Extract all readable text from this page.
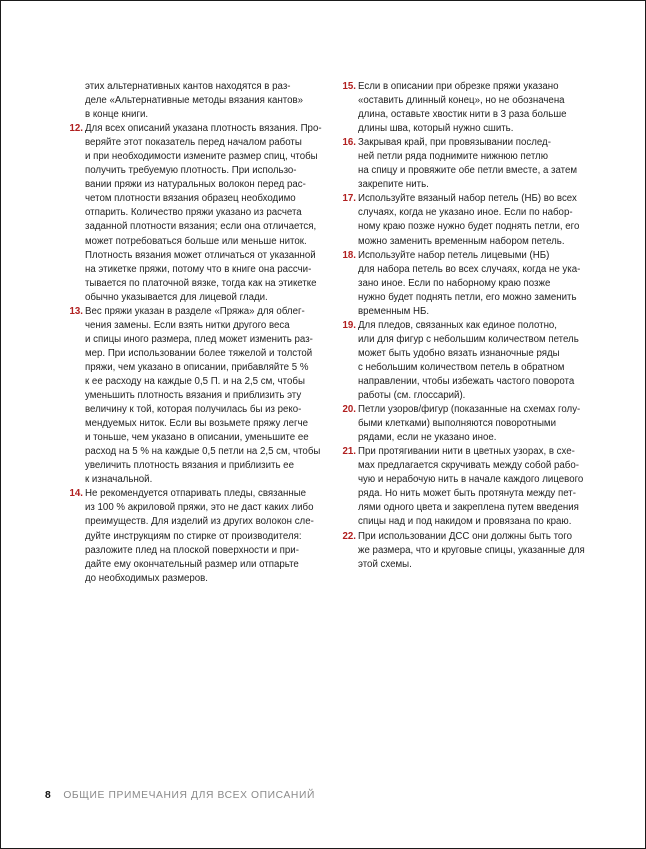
этих альтернативных кантов находятся в раз-
деле «Альтернативные методы вязания кантов»
в конце книги.
12. Для всех описаний указана плотность вязания. Про-
веряйте этот показатель перед началом работы
и при необходимости измените размер спиц, чтобы
получить требуемую плотность. При использо-
вании пряжи из натуральных волокон перед рас-
четом плотности вязания образец необходимо
отпарить. Количество пряжи указано из расчета
заданной плотности вязания; если она отличается,
может потребоваться больше или меньше ниток.
Плотность вязания может отличаться от указанной
на этикетке пряжи, потому что в книге она рассчи-
тывается по платочной вязке, тогда как на этикетке
обычно указывается для лицевой глади.
13. Вес пряжи указан в разделе «Пряжа» для облег-
чения замены. Если взять нитки другого веса
и спицы иного размера, плед может изменить раз-
мер. При использовании более тяжелой и толстой
пряжи, чем указано в описании, прибавляйте 5 %
к ее расходу на каждые 0,5 П. и на 2,5 см, чтобы
уменьшить плотность вязания и приблизить эту
величину к той, которая получилась бы из реко-
мендуемых ниток. Если вы возьмете пряжу легче
и тоньше, чем указано в описании, уменьшите ее
расход на 5 % на каждые 0,5 петли на 2,5 см, чтобы
увеличить плотность вязания и приблизить ее
к изначальной.
14. Не рекомендуется отпаривать пледы, связанные
из 100 % акриловой пряжи, это не даст каких либо
преимуществ. Для изделий из других волокон сле-
дуйте инструкциям по стирке от производителя:
разложите плед на плоской поверхности и при-
дайте ему окончательный размер или отпарьте
до необходимых размеров.
15. Если в описании при обрезке пряжи указано
«оставить длинный конец», но не обозначена
длина, оставьте хвостик нити в 3 раза больше
длины шва, который нужно сшить.
16. Закрывая край, при провязывании послед-
ней петли ряда поднимите нижнюю петлю
на спицу и провяжите обе петли вместе, а затем
закрепите нить.
17. Используйте вязаный набор петель (НБ) во всех
случаях, когда не указано иное. Если по набор-
ному краю позже нужно будет поднять петли, его
можно заменить временным набором петель.
18. Используйте набор петель лицевыми (НБ)
для набора петель во всех случаях, когда не ука-
зано иное. Если по наборному краю позже
нужно будет поднять петли, его можно заменить
временным НБ.
19. Для пледов, связанных как единое полотно,
или для фигур с небольшим количеством петель
может быть удобно вязать изнаночные ряды
с небольшим количеством петель в обратном
направлении, чтобы избежать частого поворота
работы (см. глоссарий).
20. Петли узоров/фигур (показанные на схемах голу-
быми клетками) выполняются поворотными
рядами, если не указано иное.
21. При протягивании нити в цветных узорах, в схе-
мах предлагается скручивать между собой рабо-
чую и нерабочую нить в начале каждого лицевого
ряда. Но нить может быть протянута между пет-
лями одного цвета и закреплена путем введения
спицы над и под накидом и провязана по краю.
22. При использовании ДСС они должны быть того
же размера, что и круговые спицы, указанные для
этой схемы.
8 ОБЩИЕ ПРИМЕЧАНИЯ ДЛЯ ВСЕХ ОПИСАНИЙ
